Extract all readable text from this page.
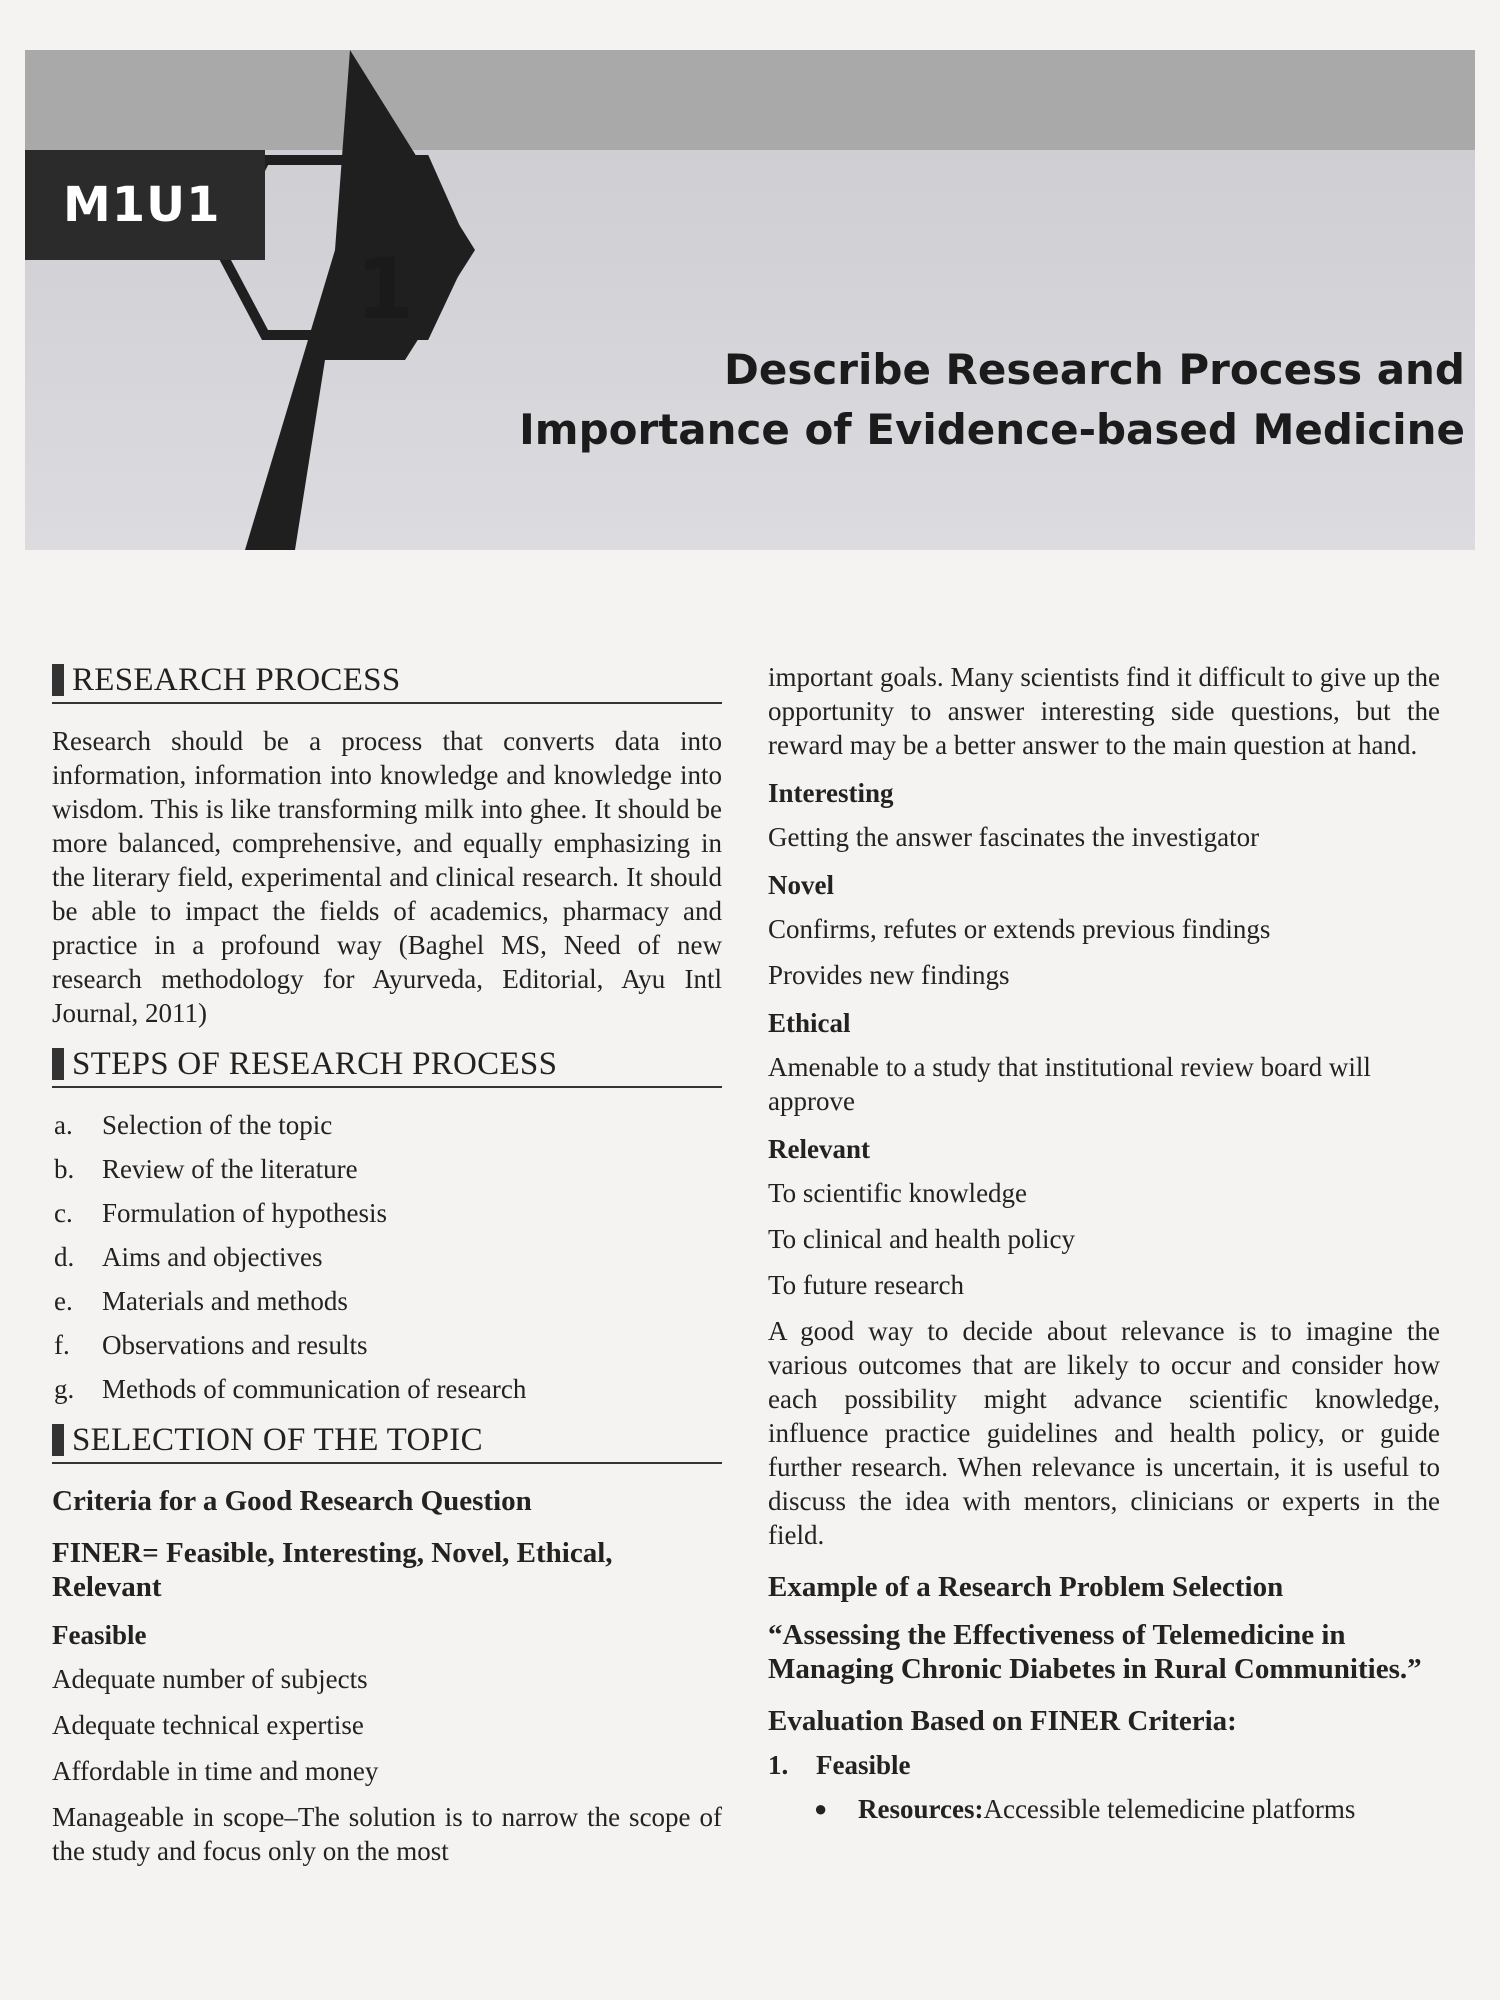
M1U1
1
Describe Research Process and
Importance of Evidence-based Medicine
RESEARCH PROCESS

Research should be a process that converts data into information, information into knowledge and knowledge into wisdom. This is like transforming milk into ghee. It should be more balanced, comprehensive, and equally emphasizing in the literary field, experimental and clinical research. It should be able to impact the fields of academics, pharmacy and practice in a profound way (Baghel MS, Need of new research methodology for Ayurveda, Editorial, Ayu Intl Journal, 2011)

STEPS OF RESEARCH PROCESS
a.	Selection of the topic
b.	Review of the literature
c.	Formulation of hypothesis
d.	Aims and objectives
e.	Materials and methods
f.	Observations and results
g.	Methods of communication of research
SELECTION OF THE TOPIC
Criteria for a Good Research Question
FINER= Feasible, Interesting, Novel, Ethical, Relevant
Feasible
Adequate number of subjects
Adequate technical expertise
Affordable in time and money

Manageable in scope–The solution is to narrow the scope of the study and focus only on the most

important goals. Many scientists find it difficult to give up the opportunity to answer interesting side questions, but the reward may be a better answer to the main question at hand.

Interesting
Getting the answer fascinates the investigator
Novel
Confirms, refutes or extends previous findings
Provides new findings
Ethical
Amenable to a study that institutional review board will approve
Relevant
To scientific knowledge
To clinical and health policy
To future research

A good way to decide about relevance is to imagine the various outcomes that are likely to occur and consider how each possibility might advance scientific knowledge, influence practice guidelines and health policy, or guide further research. When relevance is uncertain, it is useful to discuss the idea with mentors, clinicians or experts in the field.

Example of a Research Problem Selection
“Assessing the Effectiveness of Telemedicine in Managing Chronic Diabetes in Rural Communities.”
Evaluation Based on FINER Criteria:
1.	Feasible
●	Resources:Accessible telemedicine platforms
